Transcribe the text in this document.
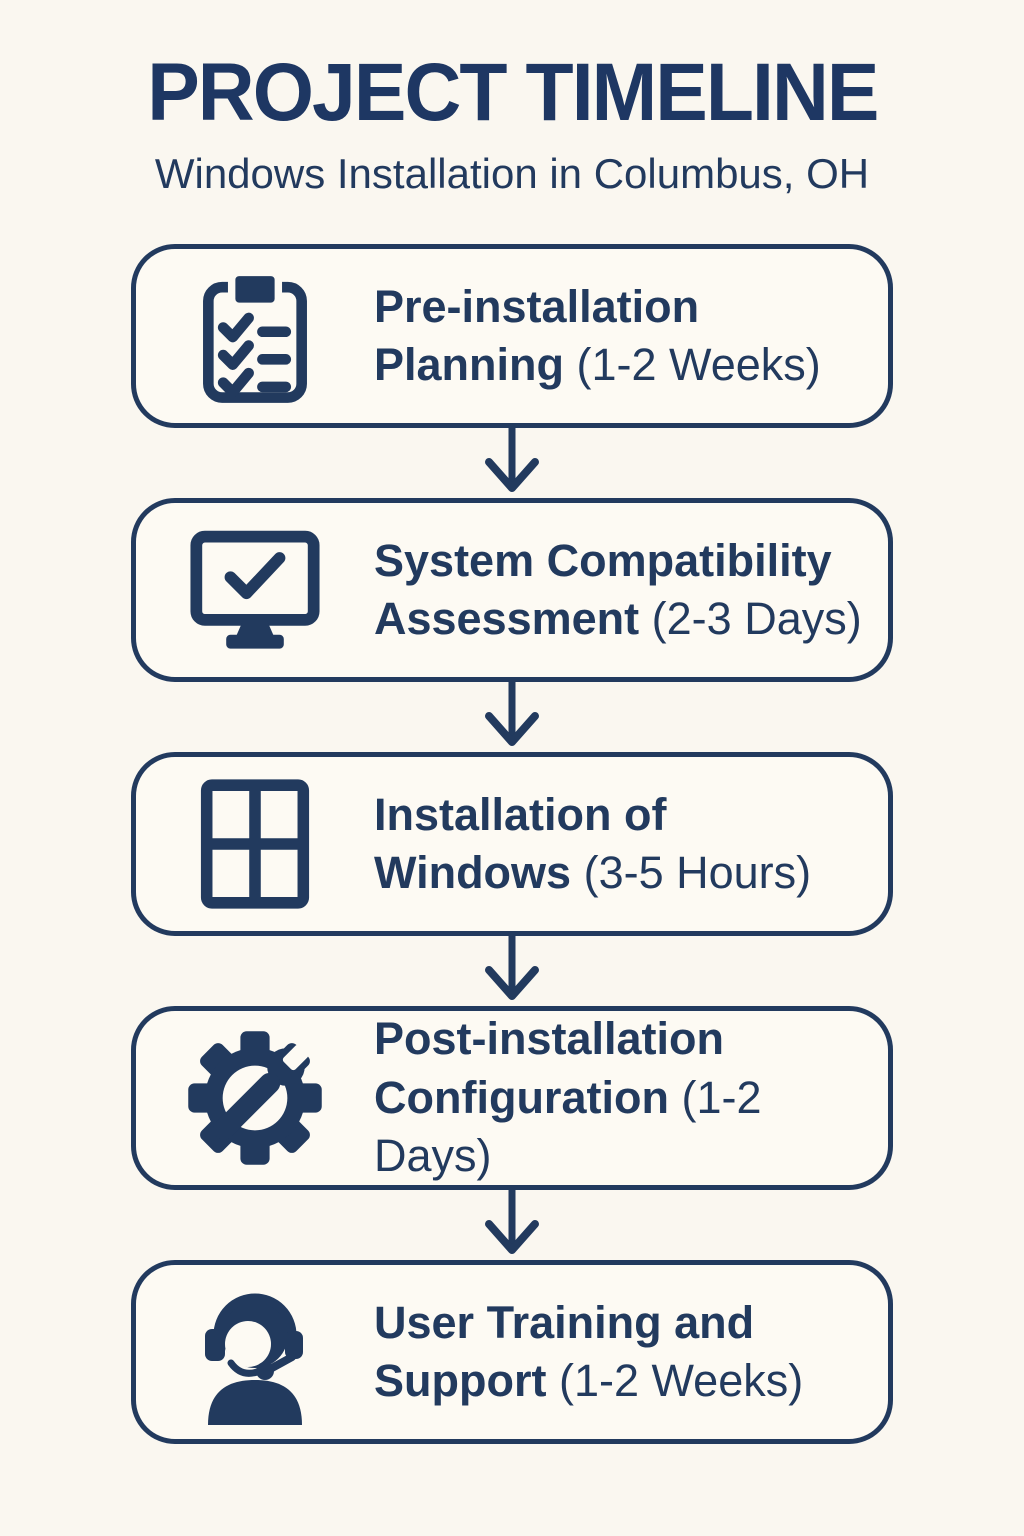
PROJECT TIMELINE
Windows Installation in Columbus, OH
Pre-installation
Planning (1-2 Weeks)
System Compatibility
Assessment (2-3 Days)
Installation of
Windows (3-5 Hours)
Post-installation
Configuration (1-2 Days)
User Training and
Support (1-2 Weeks)
